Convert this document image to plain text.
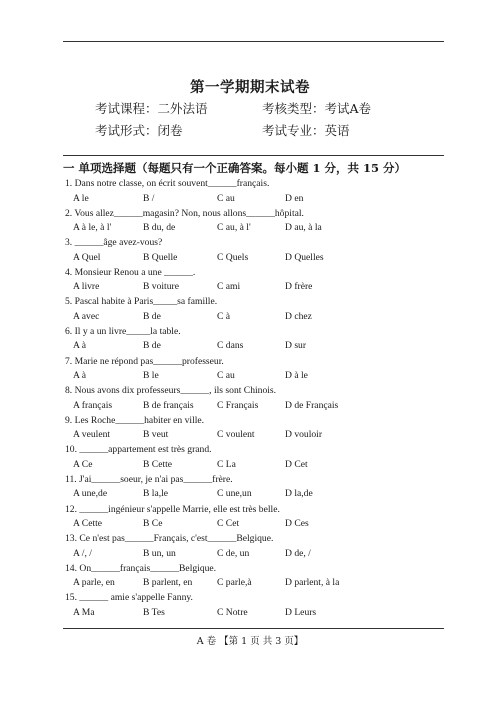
第一学期期末试卷
考试课程：二外法语	考核类型：考试A卷
考试形式：闭卷	考试专业：英语
一 单项选择题（每题只有一个正确答案。每小题 1 分，共 15 分）
1. Dans notre classe, on écrit souvent______français.
A le	B /	C au	D en
2. Vous allez______magasin? Non, nous allons______hôpital.
A à le, à l'	B du, de	C au, à l'	D au, à la
3. ______âge avez-vous?
A Quel	B Quelle	C Quels	D Quelles
4. Monsieur Renou a une ______.
A livre	B voiture	C ami	D frère
5. Pascal habite à Paris_____sa famille.
A avec	B de	C à	D chez
6. Il y a un livre_____la table.
A à	B de	C dans	D sur
7. Marie ne répond pas______professeur.
A à	B le	C au	D à le
8. Nous avons dix professeurs______, ils sont Chinois.
A français	B de français C Français	D de Français
9. Les Roche______habiter en ville.
A veulent	B veut	C voulent	D vouloir
10. ______appartement est très grand.
A Ce	B Cette	C La	D Cet
11. J'ai______soeur, je n'ai pas______frère.
A une,de	B la,le	C une,un	D la,de
12. ______ingénieur s'appelle Marrie, elle est très belle.
A Cette	B Ce	C Cet	D Ces
13. Ce n'est pas______Français, c'est______Belgique.
A /, /	B un, un	C de, un	D de, /
14. On______français______Belgique.
A parle, en	B parlent, en	C parle,à	D parlent, à la
15. ______ amie s'appelle Fanny.
A Ma	B Tes	C Notre	D Leurs
A 卷 【第 1 页 共 3 页】
